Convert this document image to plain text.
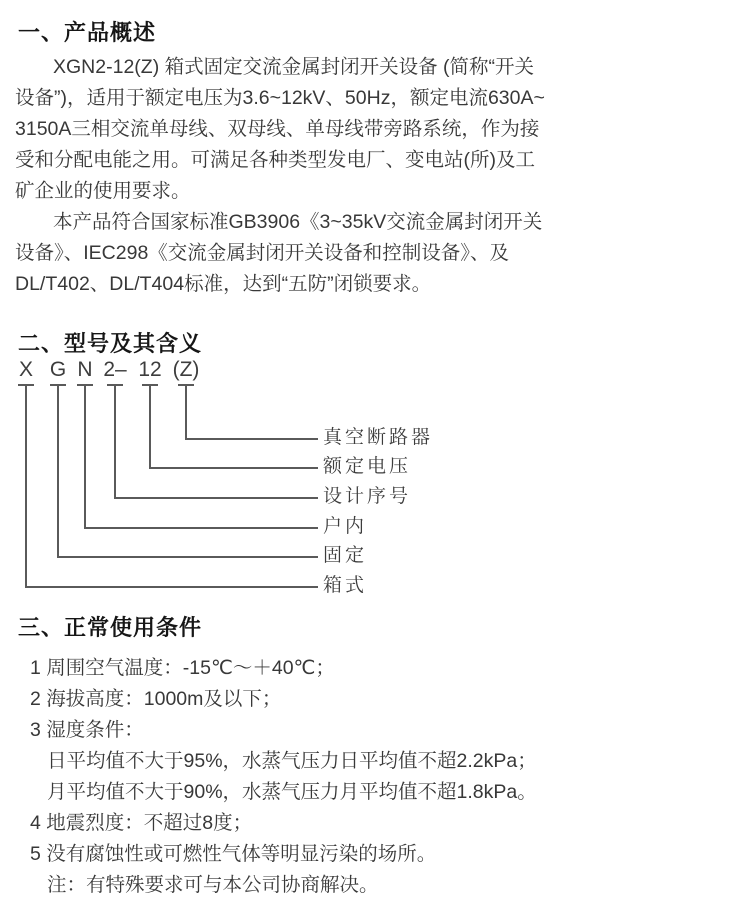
一、产品概述
XGN2-12(Z) 箱式固定交流金属封闭开关设备 (简称“开关
设备”)，适用于额定电压为3.6~12kV、50Hz，额定电流630A~
3150A三相交流单母线、双母线、单母线带旁路系统，作为接
受和分配电能之用。可满足各种类型发电厂、变电站(所)及工
矿企业的使用要求。
本产品符合国家标准GB3906《3~35kV交流金属封闭开关
设备》、IEC298《交流金属封闭开关设备和控制设备》、及
DL/T402、DL/T404标准，达到“五防”闭锁要求。
二、型号及其含义
X G N 2– 12 (Z)
真空断路器
额定电压
设计序号
户内
固定
箱式
三、正常使用条件
1 周围空气温度：-15℃～＋40℃；
2 海拔高度：1000m及以下；
3 湿度条件：
日平均值不大于95%，水蒸气压力日平均值不超2.2kPa；
月平均值不大于90%，水蒸气压力月平均值不超1.8kPa。
4 地震烈度：不超过8度；
5 没有腐蚀性或可燃性气体等明显污染的场所。
注：有特殊要求可与本公司协商解决。
